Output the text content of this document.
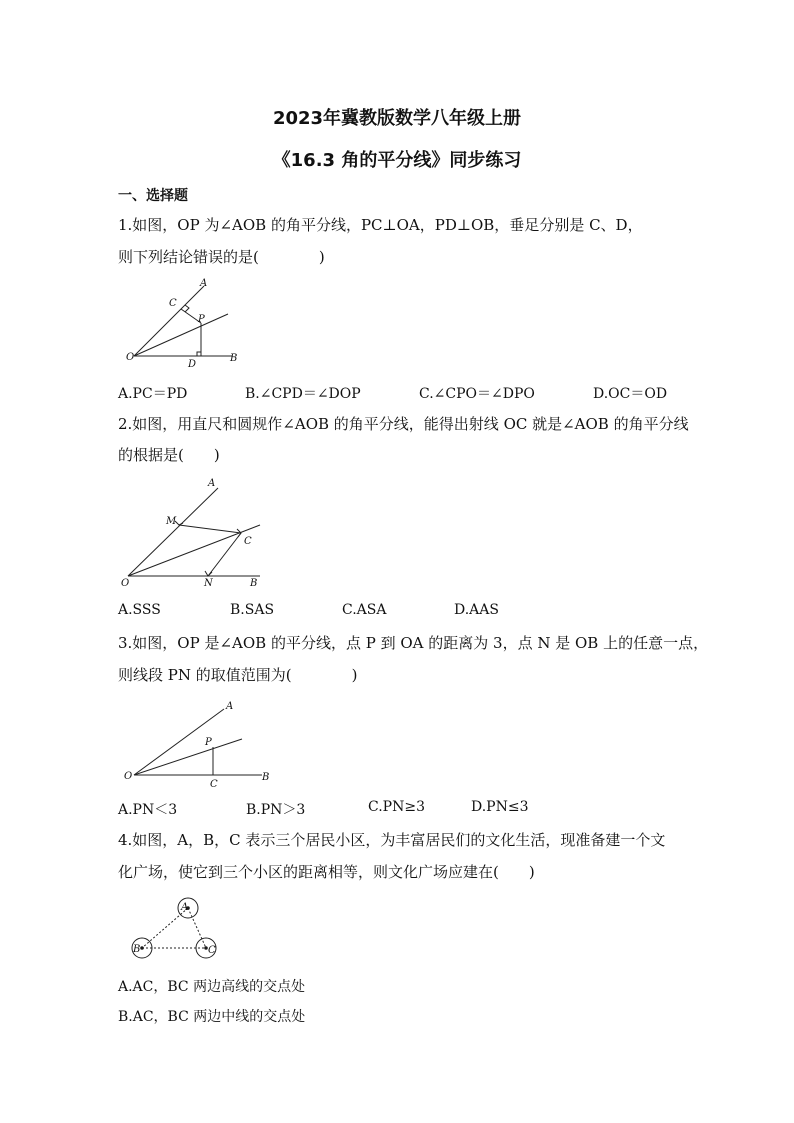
2023年冀教版数学八年级上册
《16.3 角的平分线》同步练习
一、选择题
1.如图，OP 为∠AOB 的角平分线，PC⊥OA，PD⊥OB，垂足分别是 C、D，
则下列结论错误的是(　　　　)
A
C
P
O
D
B
A.PC＝PD	B.∠CPD＝∠DOP	C.∠CPO＝∠DPO	D.OC＝OD
2.如图，用直尺和圆规作∠AOB 的角平分线，能得出射线 OC 就是∠AOB 的角平分线
的根据是(　　)
A
M
C
O	N	B
A.SSS	B.SAS	C.ASA	D.AAS
3.如图，OP 是∠AOB 的平分线，点 P 到 OA 的距离为 3，点 N 是 OB 上的任意一点，
则线段 PN 的取值范围为(　　　　)
A
P
O
C
B
A.PN＜3	B.PN＞3	C.PN≥3	D.PN≤3
4.如图，A，B，C 表示三个居民小区，为丰富居民们的文化生活，现准备建一个文
化广场，使它到三个小区的距离相等，则文化广场应建在(　　)
A
B	C
A.AC，BC 两边高线的交点处
B.AC，BC 两边中线的交点处
